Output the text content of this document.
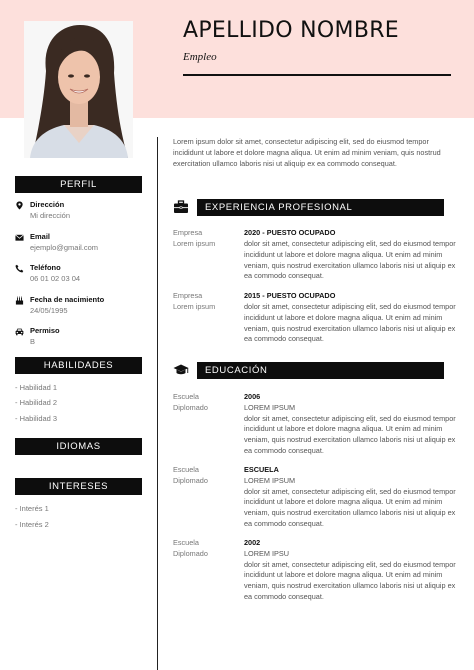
APELLIDO NOMBRE
Empleo
PERFIL
Dirección
Mi dirección
Email
ejemplo@gmail.com
Teléfono
06 01 02 03 04
Fecha de nacimiento
24/05/1995
Permiso
B
HABILIDADES
- Habilidad 1
- Habilidad 2
- Habilidad 3
IDIOMAS
INTERESES
- Interés 1
- Interés 2
Lorem ipsum dolor sit amet, consectetur adipiscing elit, sed do eiusmod tempor incididunt ut labore et dolore magna aliqua. Ut enim ad minim veniam, quis nostrud exercitation ullamco laboris nisi ut aliquip ex ea commodo consequat.
EXPERIENCIA PROFESIONAL
Empresa
Lorem ipsum
2020 - PUESTO OCUPADO
dolor sit amet, consectetur adipiscing elit, sed do eiusmod tempor incididunt ut labore et dolore magna aliqua. Ut enim ad minim veniam, quis nostrud exercitation ullamco laboris nisi ut aliquip ex ea commodo consequat.
Empresa
Lorem ipsum
2015 - PUESTO OCUPADO
dolor sit amet, consectetur adipiscing elit, sed do eiusmod tempor incididunt ut labore et dolore magna aliqua. Ut enim ad minim veniam, quis nostrud exercitation ullamco laboris nisi ut aliquip ex ea commodo consequat.
EDUCACIÓN
Escuela
Diplomado
2006
LOREM IPSUM
dolor sit amet, consectetur adipiscing elit, sed do eiusmod tempor incididunt ut labore et dolore magna aliqua. Ut enim ad minim veniam, quis nostrud exercitation ullamco laboris nisi ut aliquip ex ea commodo consequat.
Escuela
Diplomado
ESCUELA
LOREM IPSUM
dolor sit amet, consectetur adipiscing elit, sed do eiusmod tempor incididunt ut labore et dolore magna aliqua. Ut enim ad minim veniam, quis nostrud exercitation ullamco laboris nisi ut aliquip ex ea commodo consequat.
Escuela
Diplomado
2002
LOREM IPSU
dolor sit amet, consectetur adipiscing elit, sed do eiusmod tempor incididunt ut labore et dolore magna aliqua. Ut enim ad minim veniam, quis nostrud exercitation ullamco laboris nisi ut aliquip ex ea commodo consequat.
